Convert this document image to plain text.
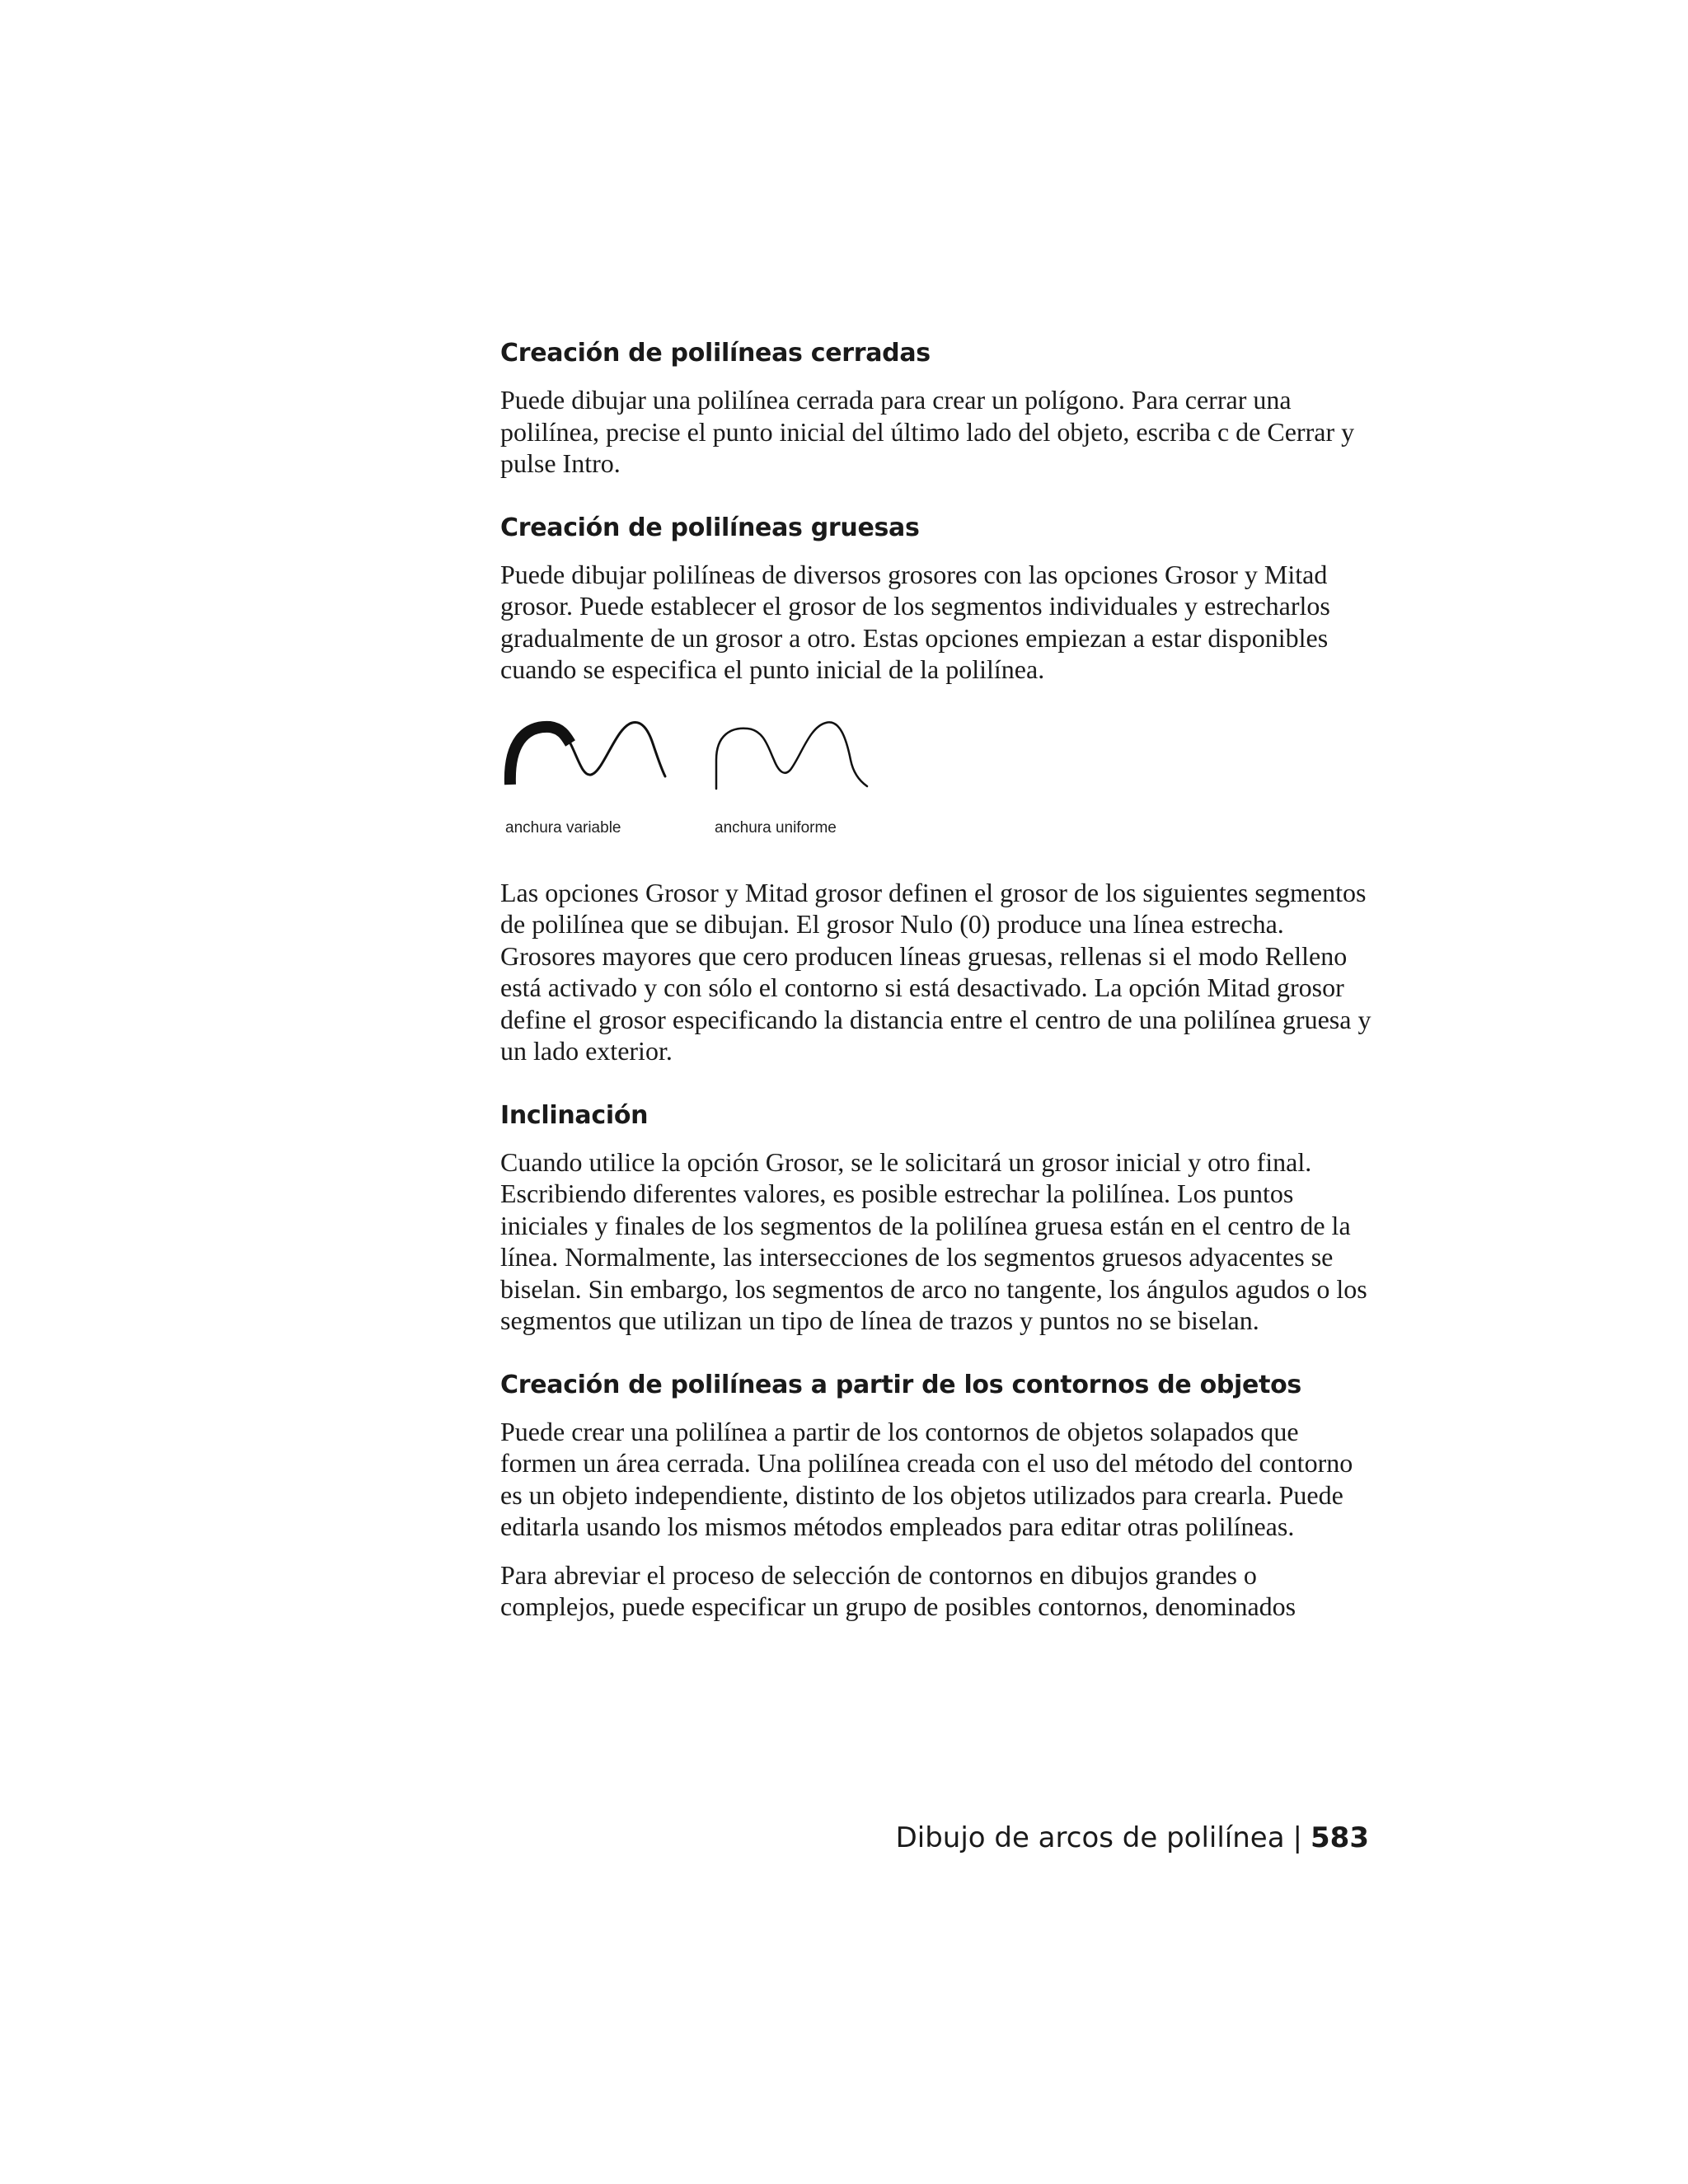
Creación de polilíneas cerradas

Puede dibujar una polilínea cerrada para crear un polígono. Para cerrar una polilínea, precise el punto inicial del último lado del objeto, escriba c de Cerrar y pulse Intro.

Creación de polilíneas gruesas

Puede dibujar polilíneas de diversos grosores con las opciones Grosor y Mitad grosor. Puede establecer el grosor de los segmentos individuales y estrecharlos gradualmente de un grosor a otro. Estas opciones empiezan a estar disponibles cuando se especifica el punto inicial de la polilínea.

anchura variable	anchura uniforme

Las opciones Grosor y Mitad grosor definen el grosor de los siguientes segmentos de polilínea que se dibujan. El grosor Nulo (0) produce una línea estrecha. Grosores mayores que cero producen líneas gruesas, rellenas si el modo Relleno está activado y con sólo el contorno si está desactivado. La opción Mitad grosor define el grosor especificando la distancia entre el centro de una polilínea gruesa y un lado exterior.

Inclinación

Cuando utilice la opción Grosor, se le solicitará un grosor inicial y otro final. Escribiendo diferentes valores, es posible estrechar la polilínea. Los puntos iniciales y finales de los segmentos de la polilínea gruesa están en el centro de la línea. Normalmente, las intersecciones de los segmentos gruesos adyacentes se biselan. Sin embargo, los segmentos de arco no tangente, los ángulos agudos o los segmentos que utilizan un tipo de línea de trazos y puntos no se biselan.

Creación de polilíneas a partir de los contornos de objetos

Puede crear una polilínea a partir de los contornos de objetos solapados que formen un área cerrada. Una polilínea creada con el uso del método del contorno es un objeto independiente, distinto de los objetos utilizados para crearla. Puede editarla usando los mismos métodos empleados para editar otras polilíneas.

Para abreviar el proceso de selección de contornos en dibujos grandes o complejos, puede especificar un grupo de posibles contornos, denominados

Dibujo de arcos de polilínea | 583
